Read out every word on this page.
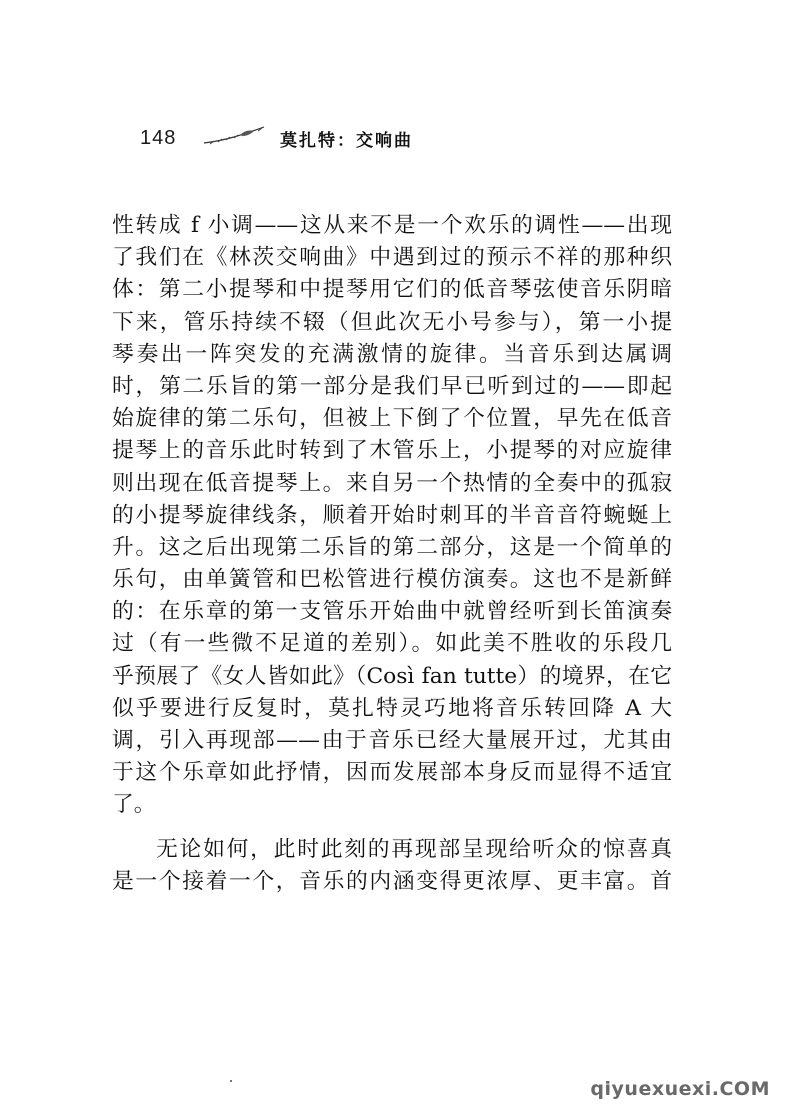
148	莫扎特：交响曲
性转成 f 小调——这从来不是一个欢乐的调性——出现
了我们在《林茨交响曲》中遇到过的预示不祥的那种织
体：第二小提琴和中提琴用它们的低音琴弦使音乐阴暗
下来，管乐持续不辍（但此次无小号参与），第一小提
琴奏出一阵突发的充满激情的旋律。当音乐到达属调
时，第二乐旨的第一部分是我们早已听到过的——即起
始旋律的第二乐句，但被上下倒了个位置，早先在低音
提琴上的音乐此时转到了木管乐上，小提琴的对应旋律
则出现在低音提琴上。来自另一个热情的全奏中的孤寂
的小提琴旋律线条，顺着开始时刺耳的半音音符蜿蜒上
升。这之后出现第二乐旨的第二部分，这是一个简单的
乐句，由单簧管和巴松管进行模仿演奏。这也不是新鲜
的：在乐章的第一支管乐开始曲中就曾经听到长笛演奏
过（有一些微不足道的差别）。如此美不胜收的乐段几
乎预展了《女人皆如此》（Così fan tutte）的境界，在它
似乎要进行反复时，莫扎特灵巧地将音乐转回降 A 大
调，引入再现部——由于音乐已经大量展开过，尤其由
于这个乐章如此抒情，因而发展部本身反而显得不适宜
了。
无论如何，此时此刻的再现部呈现给听众的惊喜真
是一个接着一个，音乐的内涵变得更浓厚、更丰富。首
qiyuexuexi.COM
